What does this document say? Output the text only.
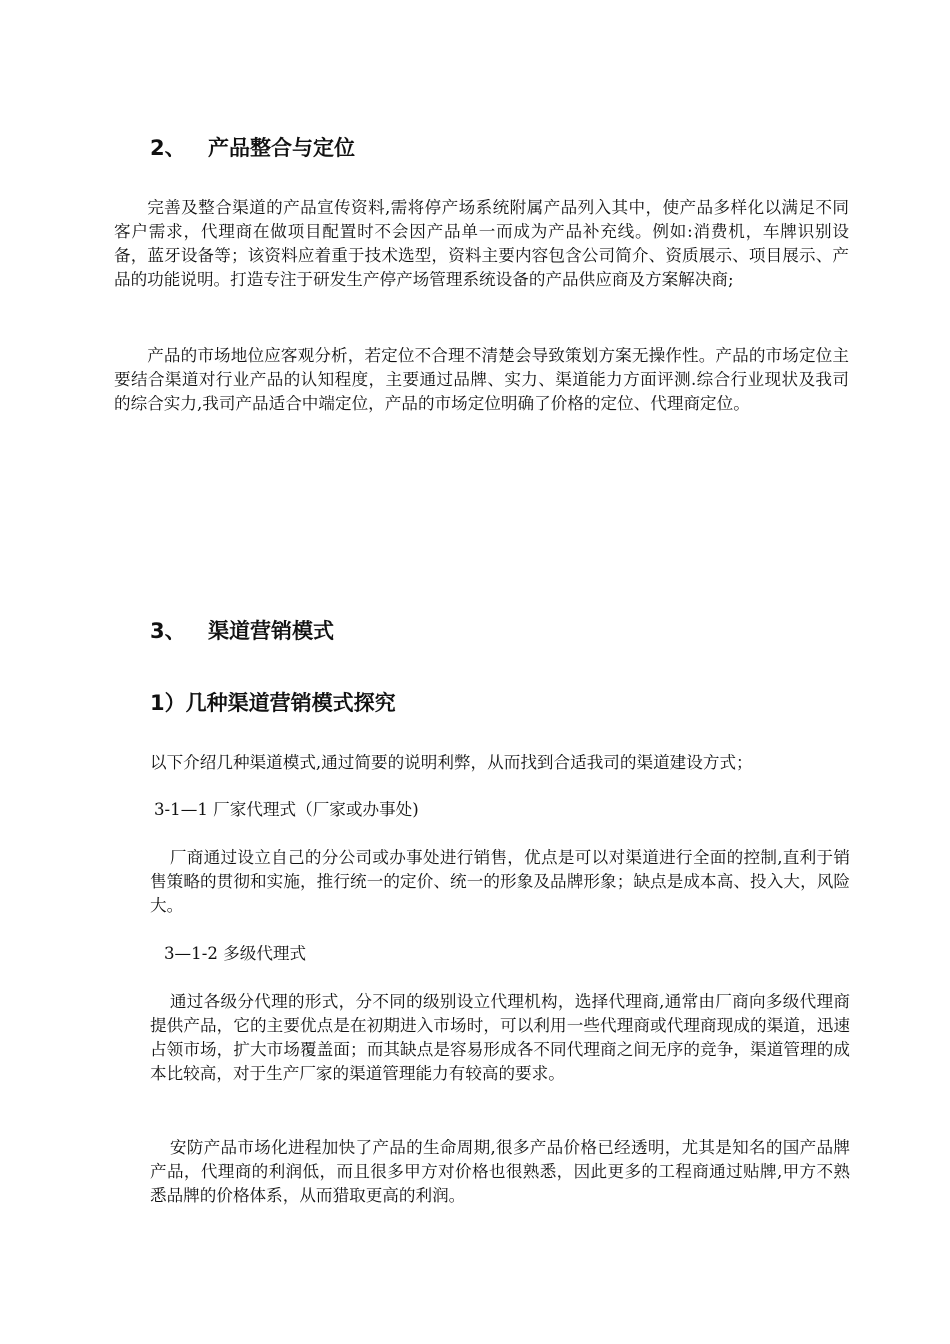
2、 产品整合与定位
完善及整合渠道的产品宣传资料,需将停产场系统附属产品列入其中，使产品多样化以满足不同客户需求，代理商在做项目配置时不会因产品单一而成为产品补充线。例如:消费机，车牌识别设备，蓝牙设备等；该资料应着重于技术选型，资料主要内容包含公司简介、资质展示、项目展示、产品的功能说明。打造专注于研发生产停产场管理系统设备的产品供应商及方案解决商;
产品的市场地位应客观分析，若定位不合理不清楚会导致策划方案无操作性。产品的市场定位主要结合渠道对行业产品的认知程度，主要通过品牌、实力、渠道能力方面评测.综合行业现状及我司的综合实力,我司产品适合中端定位，产品的市场定位明确了价格的定位、代理商定位。
3、 渠道营销模式
1）几种渠道营销模式探究
以下介绍几种渠道模式,通过简要的说明利弊，从而找到合适我司的渠道建设方式；
3-1—1 厂家代理式（厂家或办事处)
厂商通过设立自己的分公司或办事处进行销售，优点是可以对渠道进行全面的控制,直利于销售策略的贯彻和实施，推行统一的定价、统一的形象及品牌形象；缺点是成本高、投入大，风险大。
3—1-2 多级代理式
通过各级分代理的形式，分不同的级别设立代理机构，选择代理商,通常由厂商向多级代理商提供产品，它的主要优点是在初期进入市场时，可以利用一些代理商或代理商现成的渠道，迅速占领市场，扩大市场覆盖面；而其缺点是容易形成各不同代理商之间无序的竞争，渠道管理的成本比较高，对于生产厂家的渠道管理能力有较高的要求。
安防产品市场化进程加快了产品的生命周期,很多产品价格已经透明，尤其是知名的国产品牌产品，代理商的利润低，而且很多甲方对价格也很熟悉，因此更多的工程商通过贴牌,甲方不熟悉品牌的价格体系，从而猎取更高的利润。
